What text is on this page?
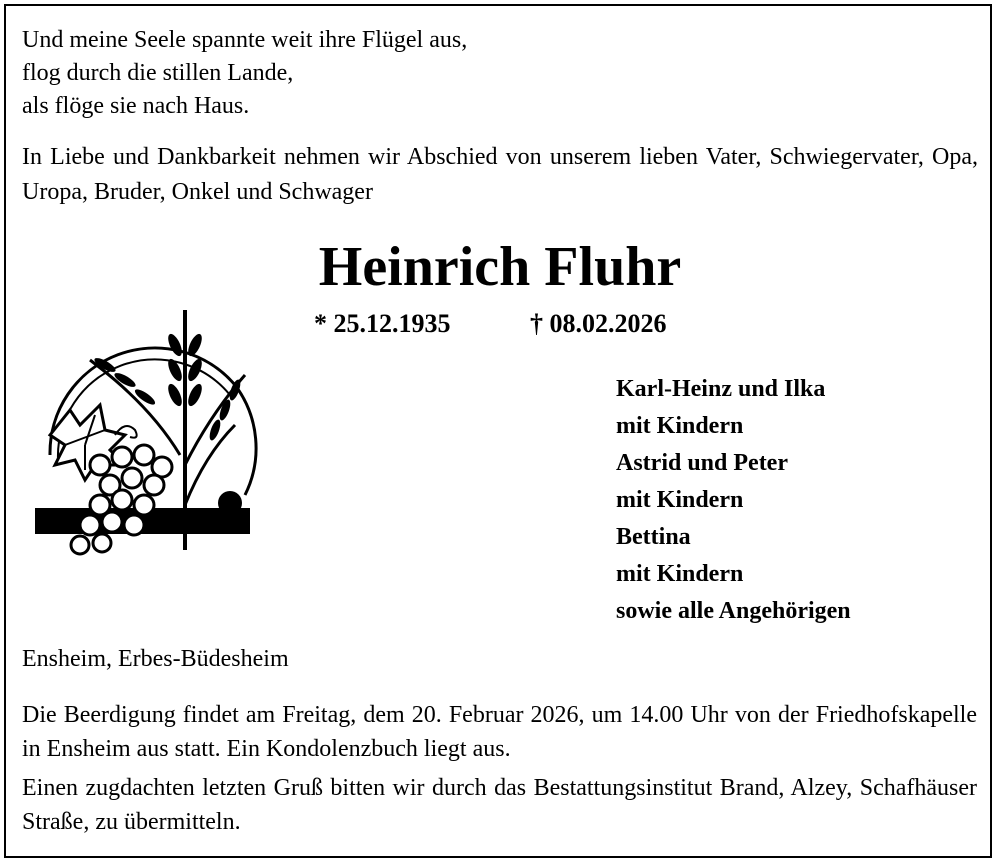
Und meine Seele spannte weit ihre Flügel aus,
flog durch die stillen Lande,
als flöge sie nach Haus.
In Liebe und Dankbarkeit nehmen wir Abschied von unserem lieben Vater, Schwiegervater, Opa, Uropa, Bruder, Onkel und Schwager
Heinrich Fluhr
* 25.12.1935	† 08.02.2026
Karl-Heinz und Ilka
mit Kindern
Astrid und Peter
mit Kindern
Bettina
mit Kindern
sowie alle Angehörigen
Ensheim, Erbes-Büdesheim
Die Beerdigung findet am Freitag, dem 20. Februar 2026, um 14.00 Uhr von der Friedhofskapelle in Ensheim aus statt. Ein Kondolenzbuch liegt aus.
Einen zugdachten letzten Gruß bitten wir durch das Bestattungsinstitut Brand, Alzey, Schafhäuser Straße, zu übermitteln.
